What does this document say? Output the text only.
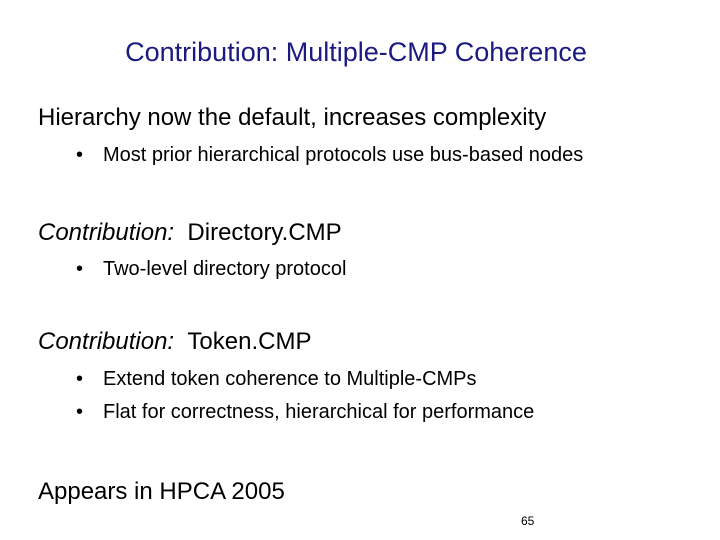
Contribution: Multiple-CMP Coherence
Hierarchy now the default, increases complexity
• Most prior hierarchical protocols use bus-based nodes
Contribution: Directory.CMP
• Two-level directory protocol
Contribution: Token.CMP
• Extend token coherence to Multiple-CMPs
• Flat for correctness, hierarchical for performance
Appears in HPCA 2005
65
